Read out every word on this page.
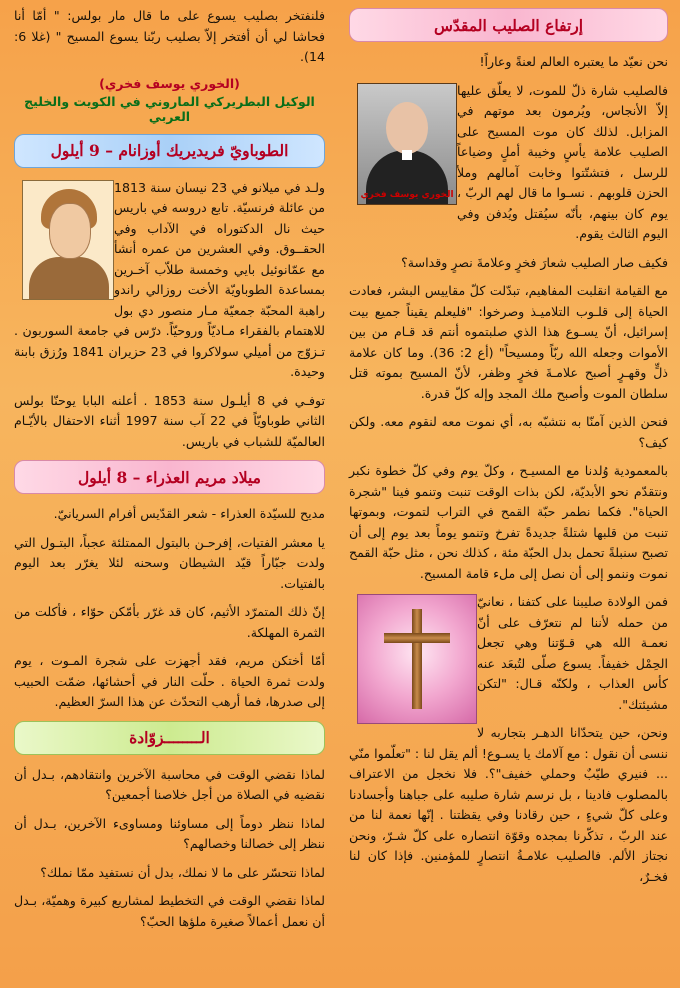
إرتفاع الصليب المقدّس

نحن نعيّد ما يعتبره العالم لعنةً وعاراً!

الخوري يوسف فخري

فالصليب شارة ذلّ للموت، لا يعلّق عليها إلاّ الأنجاس، ويُرمون بعد موتهم في المزابل. لذلك كان موت المسيح على الصليب علامة يأسٍ وخيبة أملٍ وضياعاً للرسل ، فتشتّتوا وخابت آمالهم وملأ الحزن قلوبهم . نسـوا ما قال لهم الربّ ، يوم كان بينهم، بأنّه سيُقتل ويُدفن وفي اليوم الثالث يقوم.

فكيف صار الصليب شعارَ فخرٍ وعلامةَ نصرٍ وقداسة؟

مع القيامة انقلبت المفاهيم، تبدّلت كلّ مقاييس البشر، فعادت الحياة إلى قلـوب التلاميـذ وصرخوا: "فليعلم يقيناً جميع بيت إسرائيل، أنّ يسـوع هذا الذي صلبتموه أنتم قد قـام من بين الأموات وجعله الله ربّاً ومسيحاً" (أع 2: 36). وما كان علامة ذلٍّ وقهـرٍ أصبح علامـةَ فخرٍ وظفر، لأنّ المسيح بموته قتل سلطان الموت وأصبح ملك المجد وإله كلّ قدرة.

فنحن الذين آمنّا به نتشبّه به، أي نموت معه لنقوم معه. ولكن كيف؟

بالمعمودية وُلدنا مع المسيـح ، وكلّ يوم وفي كلّ خطوة نكبر ونتقدّم نحو الأبديّة، لكن بذات الوقت تنبت وتنمو فينا "شجرة الحياة". فكما نطمر حبّة القمح في التراب لتموت، وبموتها تنبت من قلبها شتلةً جديدةً تفرخ وتنمو يوماً بعد يوم إلى أن تصبح سنبلةً تحمل بدل الحبّة مئة ، كذلك نحن ، مثل حبّة القمح نموت وننمو إلى أن نصل إلى ملء قامة المسيح.

فمن الولادة صليبنا على كتفنا ، نعانيّ من حمله لأننا لم نتعرّف على أنّ نعمـة الله هي قـوّتنا وهي تجعل الحِمْل خفيفاً. يسوع صلّى لتُبعَد عنه كأس العذاب ، ولكنّه قـال: "لتكن مشيئتك".

ونحن، حين يتحدّانا الدهـر بتجاربه لا ننسى أن نقول : مع آلامك يا يسـوع! ألم يقل لنا : "تعلّموا منّي ... فنيري طيّبٌ وحملي خفيف"؟. فلا نخجل من الاعتراف بالمصلوب فادينا ، بل نرسم شارة صليبه على جباهنا وأجسادنا وعلى كلّ شيءٍ ، حين رقادنا وفي يقظتنا . إنّها نعمة لنا من عند الربّ ، تذكّرنا بمجده وقوّة انتصاره على كلّ شـرّ، ونحن نجتاز الألم. فالصليب علامـةُ انتصارٍ للمؤمنين. فإذا كان لنا فخـرٌ،

فلنفتخر بصليب يسوع على ما قال مار بولس: " أمّا أنا فحاشا لي أن أفتخر إلاّ بصليب ربّنا يسوع المسيح " (غلا 6: 14).

(الخوري يوسف فخري)
الوكيل البطريركي الماروني في الكويت والخليج العربي
الطوباويّ فريديريك أوزانام – 9 أيلول

ولـد في ميلانو في 23 نيسان سنة 1813 من عائلة فرنسيّة. تابع دروسه في باريس حيث نال الدكتوراه في الآداب وفي الحقــوق. وفي العشرين من عمره أنشأ مع عمّانوئيل بايي وخمسة طلاّب آخـرين بمساعدة الطوباويّة الأخت روزالي راندو راهبة المحبّة جمعيّة مـار منصور دي بول للاهتمام بالفقراء مـاديّاً وروحيّاً. درّس في جامعة السوربون . تـزوّج من أميلي سولاكروا في 23 حزيران 1841 ورُزق بابنة وحيدة.

توفـي في 8 أيلـول سنة 1853 . أعلنه البابا يوحنّا بولس الثاني طوباويّاً في 22 آب سنة 1997 أثناء الاحتفال بالأيّـام العالميّة للشباب في باريس.

ميلاد مريم العذراء – 8 أيلول

مديح للسيّدة العذراء - شعر القدّيس أفرام السريانيّ.

يا معشر الفتيات، إفرحـن بالبتول الممتلئة عجباً، البتـول التي ولدت جبّاراً قيّد الشيطان وسحنه لئلا يغرّر بعد اليوم بالفتيات.

إنّ ذلك المتمرّد الأثيم، كان قد غرّر بأمّكن حوّاء ، فأكلت من الثمرة المهلكة.

أمّا أختكن مريم، فقد أجهزت على شجرة المـوت ، يوم ولدت ثمرة الحياة . حلّت النار في أحشائها، ضمّت الحبيب إلى صدرها، فما أرهب التحدّث عن هذا السرّ العظيم.

الــــــــزوّادة

لماذا نقضي الوقت في محاسبة الآخرين وانتقادهم، بـدل أن نقضيه في الصلاة من أجل خلاصنا أجمعين؟

لماذا ننظر دوماً إلى مساوئنا ومساوىء الآخرين، بـدل أن ننظر إلى خصالنا وخصالهم؟

لماذا نتحسّر على ما لا نملك، بدل أن نستفيد ممّا نملك؟

لماذا نقضي الوقت في التخطيط لمشاريع كبيرة وهميّة، بـدل أن نعمل أعمالاً صغيرة ملؤها الحبّ؟
